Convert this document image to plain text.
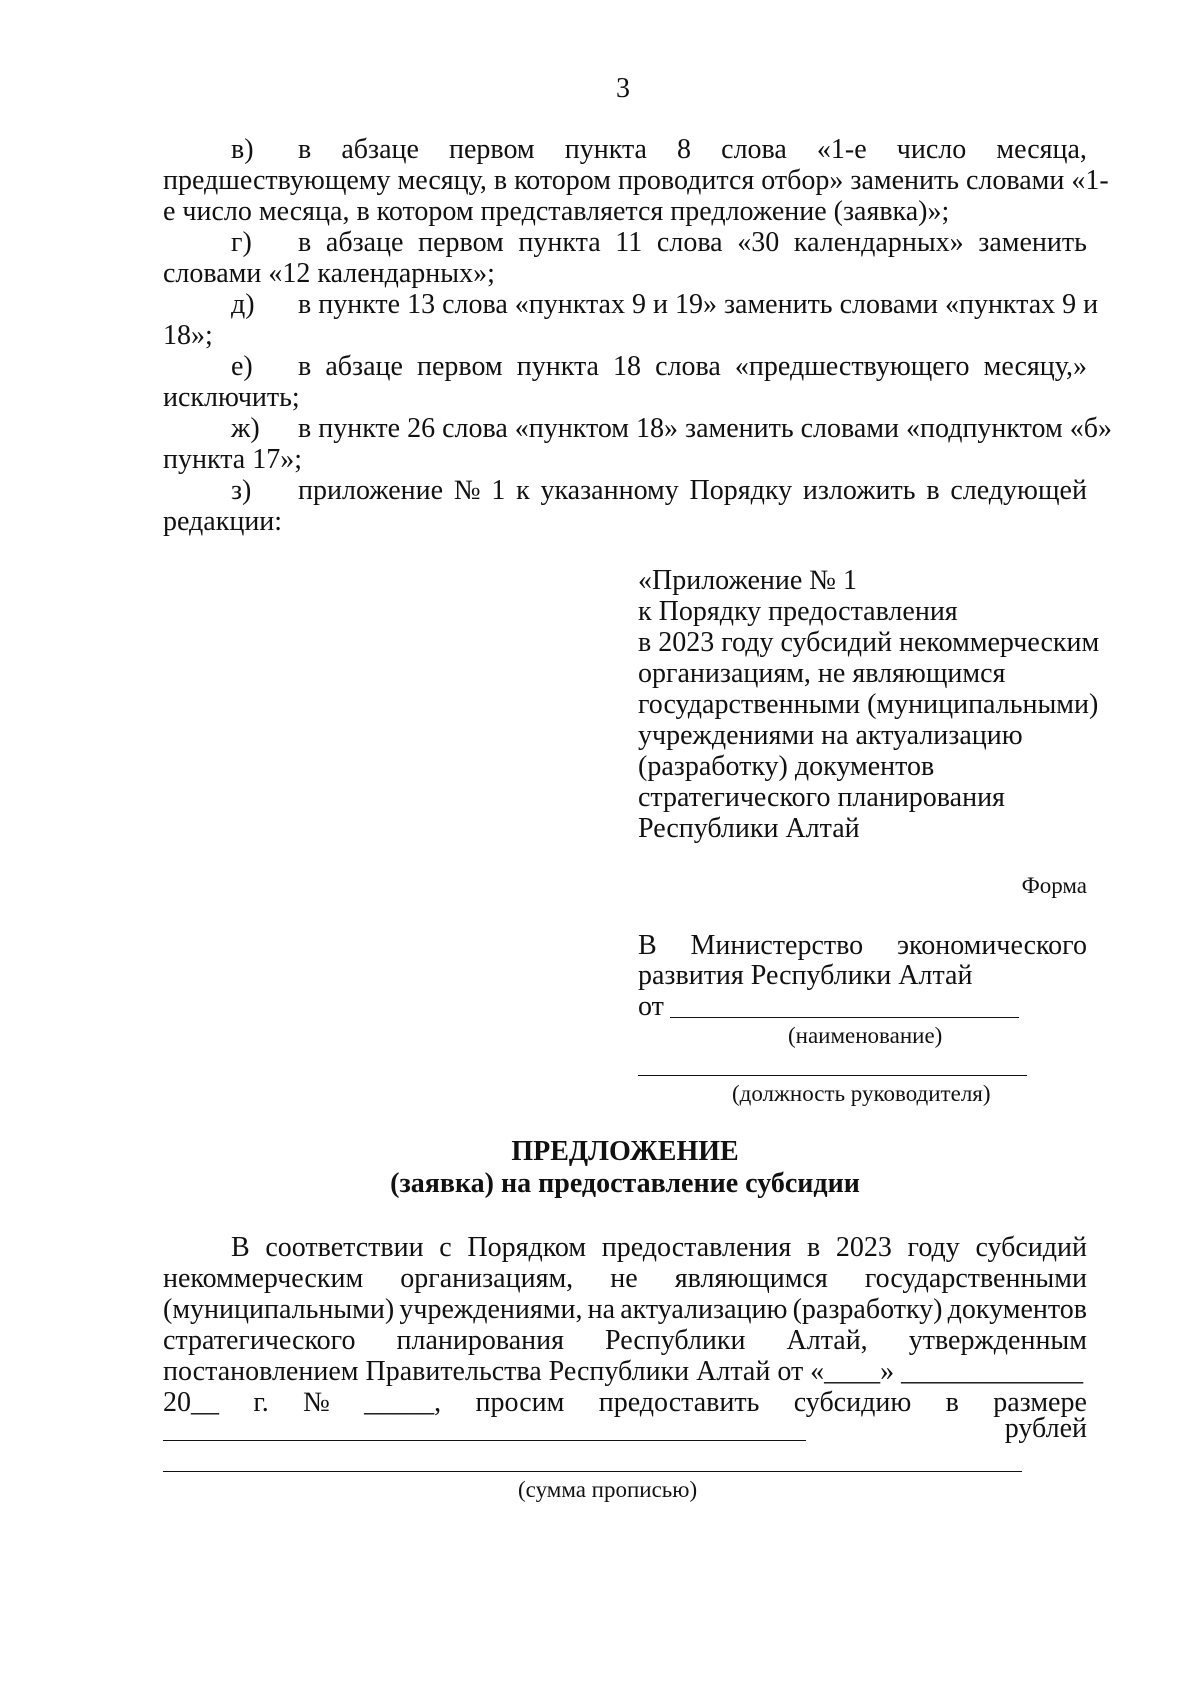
3
в) в абзаце первом пункта 8 слова «1-е число месяца,
предшествующему месяцу, в котором проводится отбор» заменить словами «1-
е число месяца, в котором представляется предложение (заявка)»;
г) в абзаце первом пункта 11 слова «30 календарных» заменить
словами «12 календарных»;
д) в пункте 13 слова «пунктах 9 и 19» заменить словами «пунктах 9 и
18»;
е) в абзаце первом пункта 18 слова «предшествующего месяцу,»
исключить;
ж) в пункте 26 слова «пунктом 18» заменить словами «подпунктом «б»
пункта 17»;
з) приложение № 1 к указанному Порядку изложить в следующей
редакции:
«Приложение № 1
к Порядку предоставления
в 2023 году субсидий некоммерческим
организациям, не являющимся
государственными (муниципальными)
учреждениями на актуализацию
(разработку) документов
стратегического планирования
Республики Алтай
Форма
В Министерство экономического
развития Республики Алтай
от
(наименование)
(должность руководителя)
ПРЕДЛОЖЕНИЕ
(заявка) на предоставление субсидии
В соответствии с Порядком предоставления в 2023 году субсидий
некоммерческим организациям, не являющимся государственными
(муниципальными) учреждениями, на актуализацию (разработку) документов
стратегического планирования Республики Алтай, утвержденным
постановлением Правительства Республики Алтай от «____» _____________
20__ г. № _____, просим предоставить субсидию в размере
рублей
(сумма прописью)
